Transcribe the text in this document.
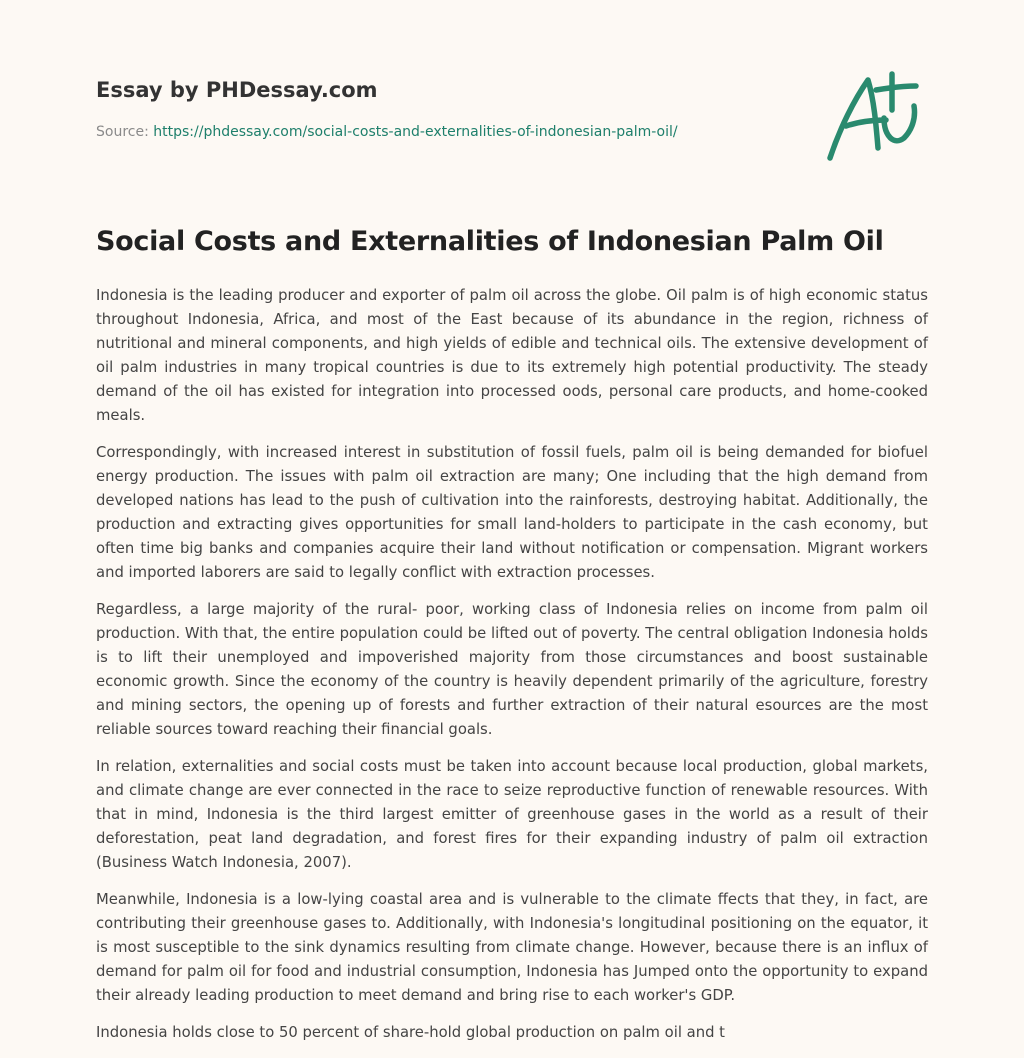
Essay by PHDessay.com
Source: https://phdessay.com/social-costs-and-externalities-of-indonesian-palm-oil/
Social Costs and Externalities of Indonesian Palm Oil

Indonesia is the leading producer and exporter of palm oil across the globe. Oil palm is of high economic status throughout Indonesia, Africa, and most of the East because of its abundance in the region, richness of nutritional and mineral components, and high yields of edible and technical oils. The extensive development of oil palm industries in many tropical countries is due to its extremely high potential productivity. The steady demand of the oil has existed for integration into processed oods, personal care products, and home-cooked meals.

Correspondingly, with increased interest in substitution of fossil fuels, palm oil is being demanded for biofuel energy production. The issues with palm oil extraction are many; One including that the high demand from developed nations has lead to the push of cultivation into the rainforests, destroying habitat. Additionally, the production and extracting gives opportunities for small land-holders to participate in the cash economy, but often time big banks and companies acquire their land without notification or compensation. Migrant workers and imported laborers are said to legally conflict with extraction processes.

Regardless, a large majority of the rural- poor, working class of Indonesia relies on income from palm oil production. With that, the entire population could be lifted out of poverty. The central obligation Indonesia holds is to lift their unemployed and impoverished majority from those circumstances and boost sustainable economic growth. Since the economy of the country is heavily dependent primarily of the agriculture, forestry and mining sectors, the opening up of forests and further extraction of their natural esources are the most reliable sources toward reaching their financial goals.

In relation, externalities and social costs must be taken into account because local production, global markets, and climate change are ever connected in the race to seize reproductive function of renewable resources. With that in mind, Indonesia is the third largest emitter of greenhouse gases in the world as a result of their deforestation, peat land degradation, and forest fires for their expanding industry of palm oil extraction (Business Watch Indonesia, 2007).

Meanwhile, Indonesia is a low-lying coastal area and is vulnerable to the climate ffects that they, in fact, are contributing their greenhouse gases to. Additionally, with Indonesia's longitudinal positioning on the equator, it is most susceptible to the sink dynamics resulting from climate change. However, because there is an influx of demand for palm oil for food and industrial consumption, Indonesia has Jumped onto the opportunity to expand their already leading production to meet demand and bring rise to each worker's GDP.

Indonesia holds close to 50 percent of share-hold global production on palm oil and t
